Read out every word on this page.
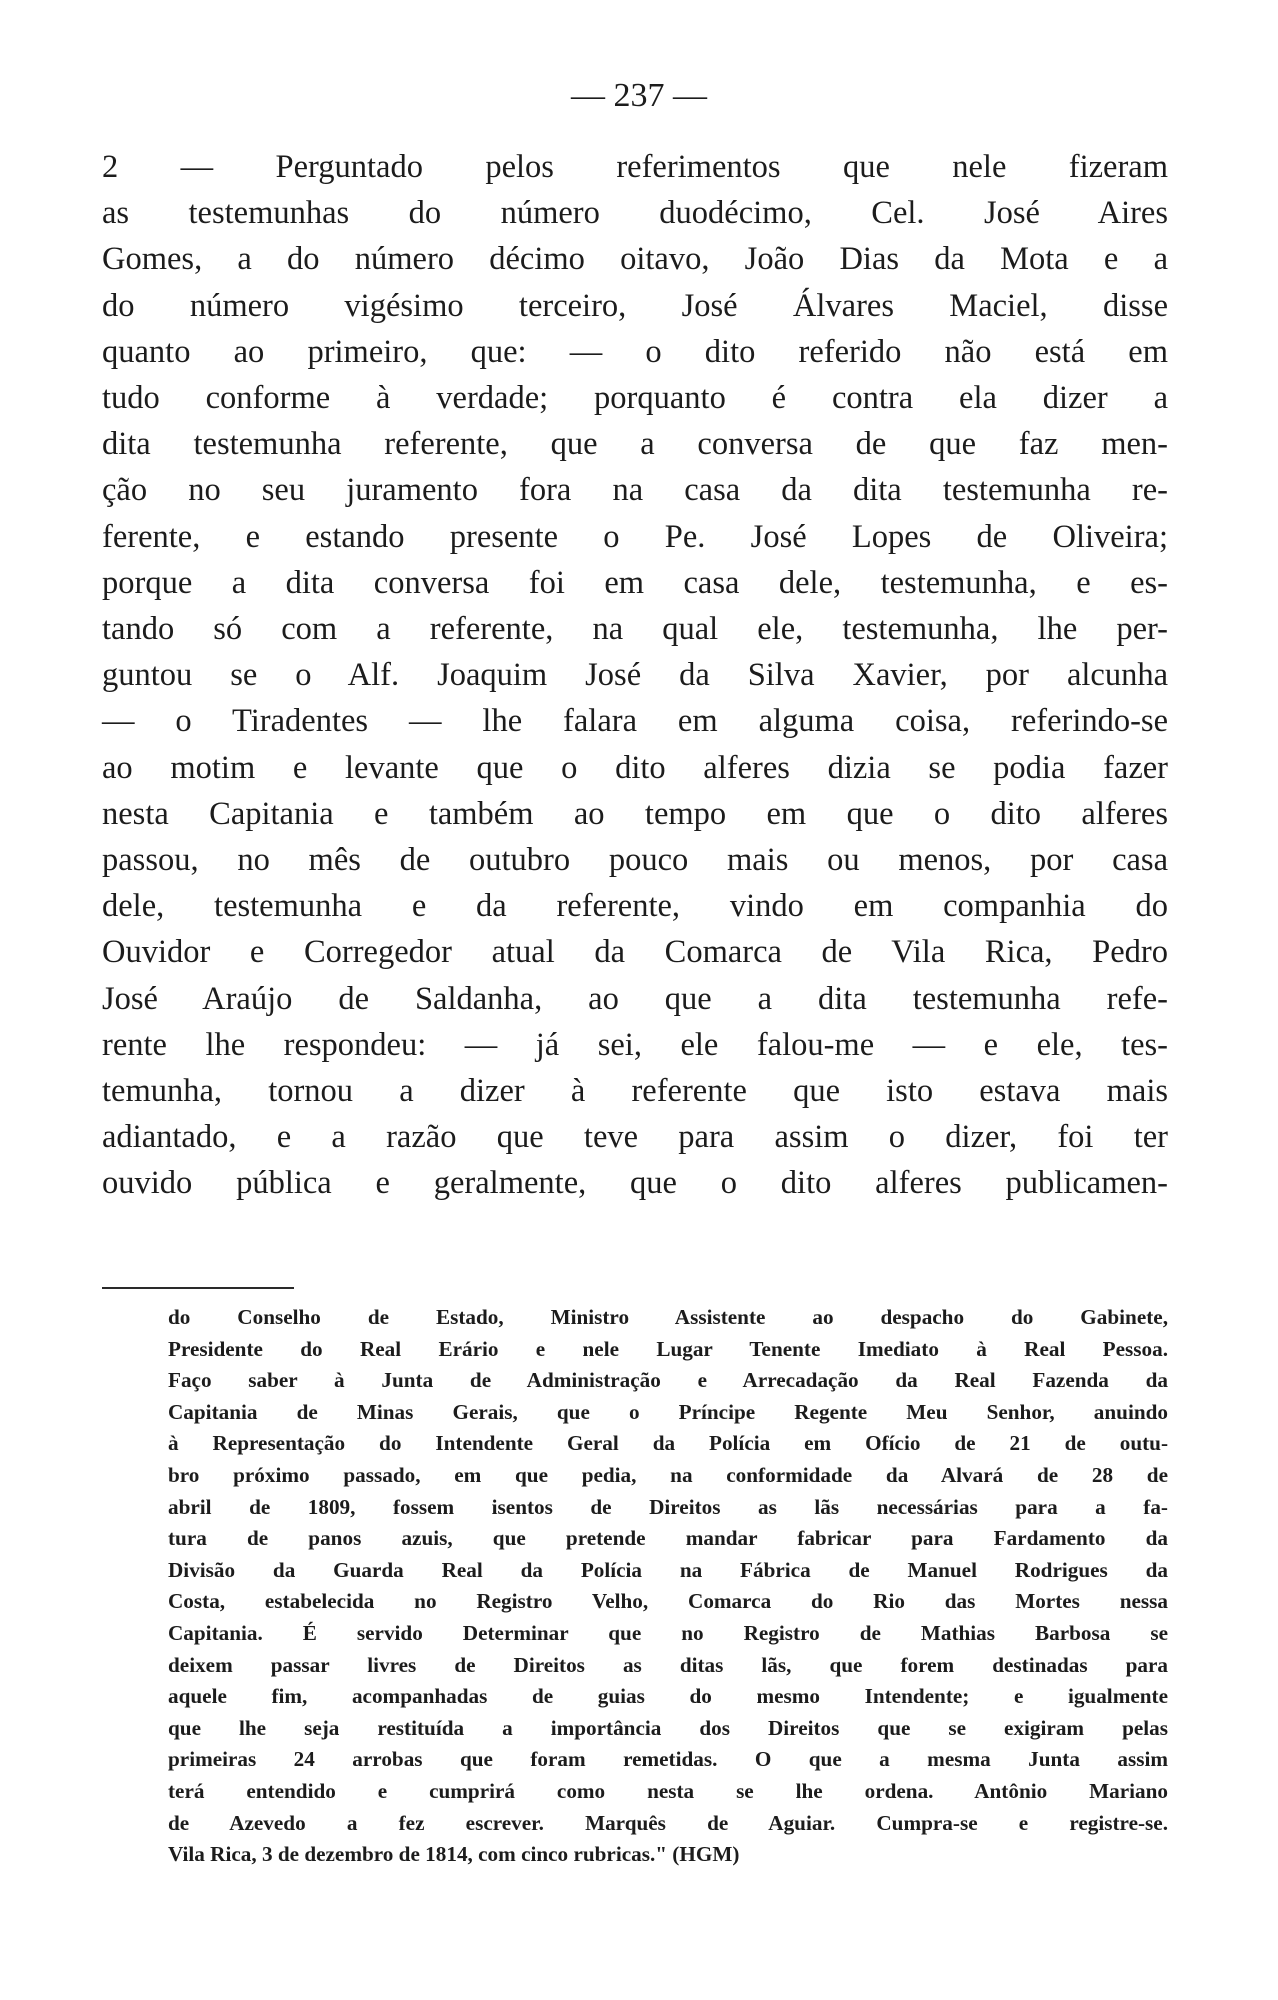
— 237 —
2 — Perguntado pelos referimentos que nele fizeram
as testemunhas do número duodécimo, Cel. José Aires
Gomes, a do número décimo oitavo, João Dias da Mota e a
do número vigésimo terceiro, José Álvares Maciel, disse
quanto ao primeiro, que: — o dito referido não está em
tudo conforme à verdade; porquanto é contra ela dizer a
dita testemunha referente, que a conversa de que faz men-
ção no seu juramento fora na casa da dita testemunha re-
ferente, e estando presente o Pe. José Lopes de Oliveira;
porque a dita conversa foi em casa dele, testemunha, e es-
tando só com a referente, na qual ele, testemunha, lhe per-
guntou se o Alf. Joaquim José da Silva Xavier, por alcunha
— o Tiradentes — lhe falara em alguma coisa, referindo-se
ao motim e levante que o dito alferes dizia se podia fazer
nesta Capitania e também ao tempo em que o dito alferes
passou, no mês de outubro pouco mais ou menos, por casa
dele, testemunha e da referente, vindo em companhia do
Ouvidor e Corregedor atual da Comarca de Vila Rica, Pedro
José Araújo de Saldanha, ao que a dita testemunha refe-
rente lhe respondeu: — já sei, ele falou-me — e ele, tes-
temunha, tornou a dizer à referente que isto estava mais
adiantado, e a razão que teve para assim o dizer, foi ter
ouvido pública e geralmente, que o dito alferes publicamen-
do Conselho de Estado, Ministro Assistente ao despacho do Gabinete,
Presidente do Real Erário e nele Lugar Tenente Imediato à Real Pessoa.
Faço saber à Junta de Administração e Arrecadação da Real Fazenda da
Capitania de Minas Gerais, que o Príncipe Regente Meu Senhor, anuindo
à Representação do Intendente Geral da Polícia em Ofício de 21 de outu-
bro próximo passado, em que pedia, na conformidade da Alvará de 28 de
abril de 1809, fossem isentos de Direitos as lãs necessárias para a fa-
tura de panos azuis, que pretende mandar fabricar para Fardamento da
Divisão da Guarda Real da Polícia na Fábrica de Manuel Rodrigues da
Costa, estabelecida no Registro Velho, Comarca do Rio das Mortes nessa
Capitania. É servido Determinar que no Registro de Mathias Barbosa se
deixem passar livres de Direitos as ditas lãs, que forem destinadas para
aquele fim, acompanhadas de guias do mesmo Intendente; e igualmente
que lhe seja restituída a importância dos Direitos que se exigiram pelas
primeiras 24 arrobas que foram remetidas. O que a mesma Junta assim
terá entendido e cumprirá como nesta se lhe ordena. Antônio Mariano
de Azevedo a fez escrever. Marquês de Aguiar. Cumpra-se e registre-se.
Vila Rica, 3 de dezembro de 1814, com cinco rubricas." (HGM)
